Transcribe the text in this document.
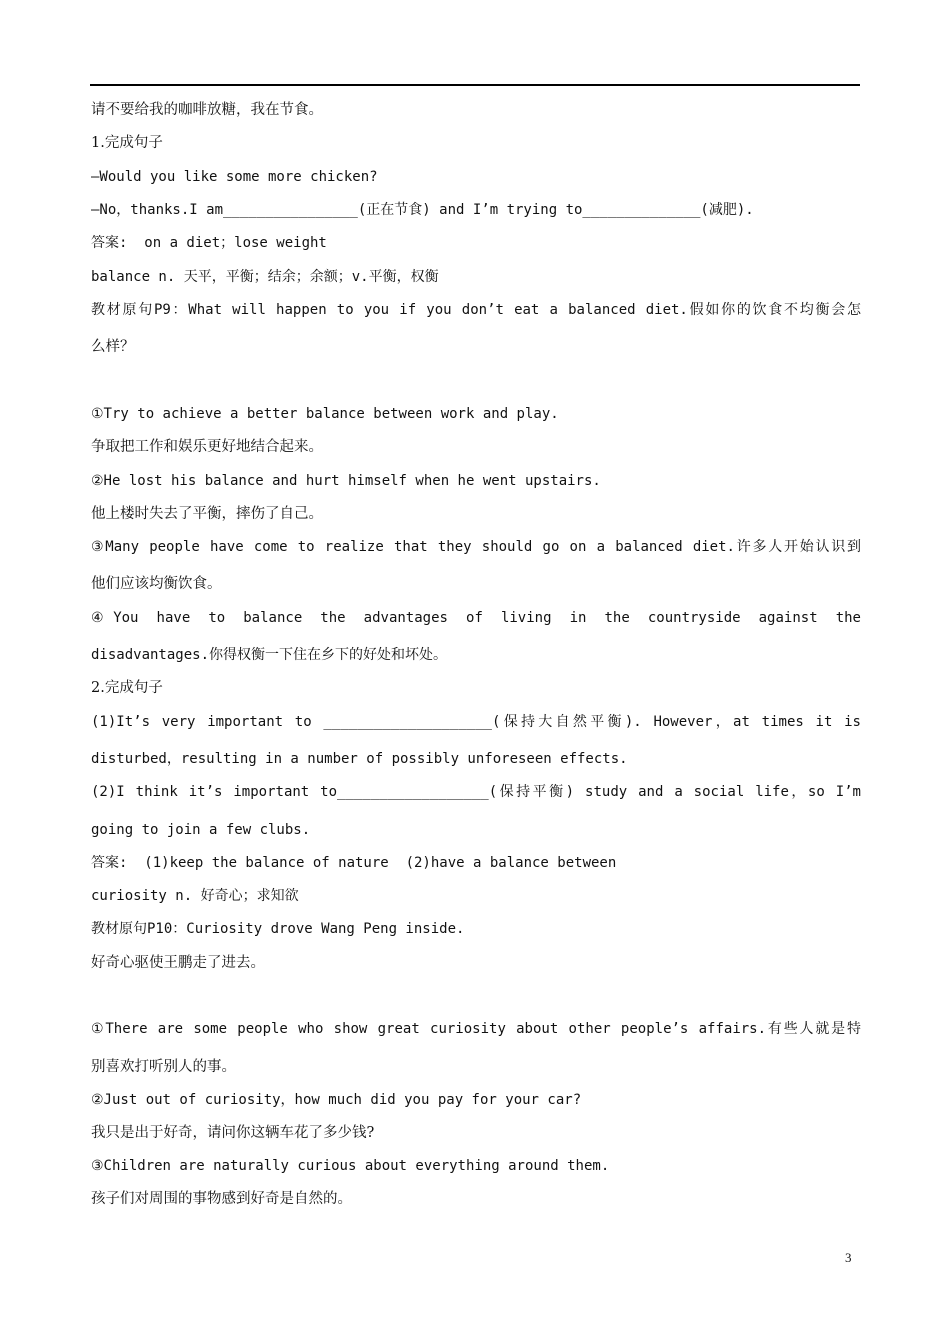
请不要给我的咖啡放糖，我在节食。
1.完成句子
—Would you like some more chicken?
—No，thanks.I am________________(正在节食) and I’m trying to______________(减肥).
答案:  on a diet；lose weight
balance n. 天平，平衡；结余；余额；v.平衡，权衡
教材原句P9：What will happen to you if you don’t eat a balanced diet.假如你的饮食不均衡会怎
么样？
①Try to achieve a better balance between work and play.
争取把工作和娱乐更好地结合起来。
②He lost his balance and hurt himself when he went upstairs.
他上楼时失去了平衡，摔伤了自己。
③Many people have come to realize that they should go on a balanced diet.许多人开始认识到
他们应该均衡饮食。
④You have to balance the advantages of living in the countryside against the
disadvantages.你得权衡一下住在乡下的好处和坏处。
2.完成句子
(1)It’s very important to ____________________(保持大自然平衡). However，at times it is
disturbed，resulting in a number of possibly unforeseen effects.
(2)I think it’s important to__________________(保持平衡) study and a social life，so I’m
going to join a few clubs.
答案:  (1)keep the balance of nature  (2)have a balance between
curiosity n. 好奇心；求知欲
教材原句P10：Curiosity drove Wang Peng inside.
好奇心驱使王鹏走了进去。
①There are some people who show great curiosity about other people’s affairs.有些人就是特
别喜欢打听别人的事。
②Just out of curiosity，how much did you pay for your car?
我只是出于好奇，请问你这辆车花了多少钱?
③Children are naturally curious about everything around them.
孩子们对周围的事物感到好奇是自然的。
3
